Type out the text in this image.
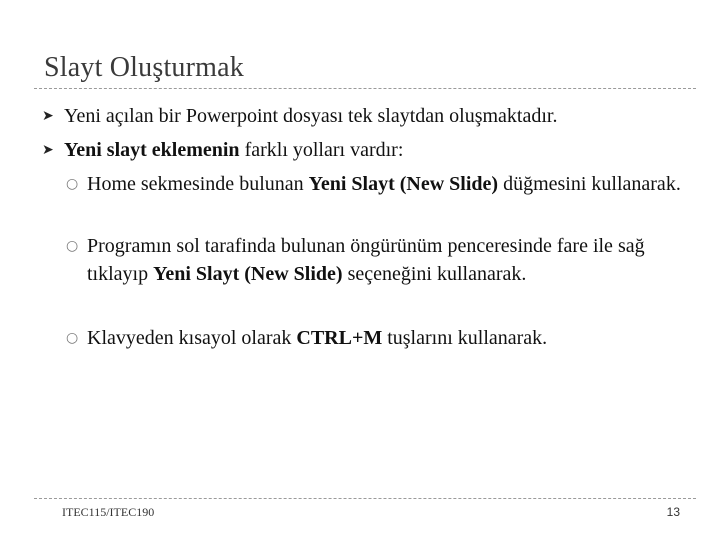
Slayt Oluşturmak
➤ Yeni açılan bir Powerpoint dosyası tek slaytdan oluşmaktadır.
➤ Yeni slayt eklemenin farklı yolları vardır:
○ Home sekmesinde bulunan Yeni Slayt (New Slide) düğmesini kullanarak.
○ Programın sol tarafinda bulunan öngürünüm penceresinde fare ile sağ tıklayıp Yeni Slayt (New Slide) seçeneğini kullanarak.
○ Klavyeden kısayol olarak CTRL+M tuşlarını kullanarak.
ITEC115/ITEC190	13
